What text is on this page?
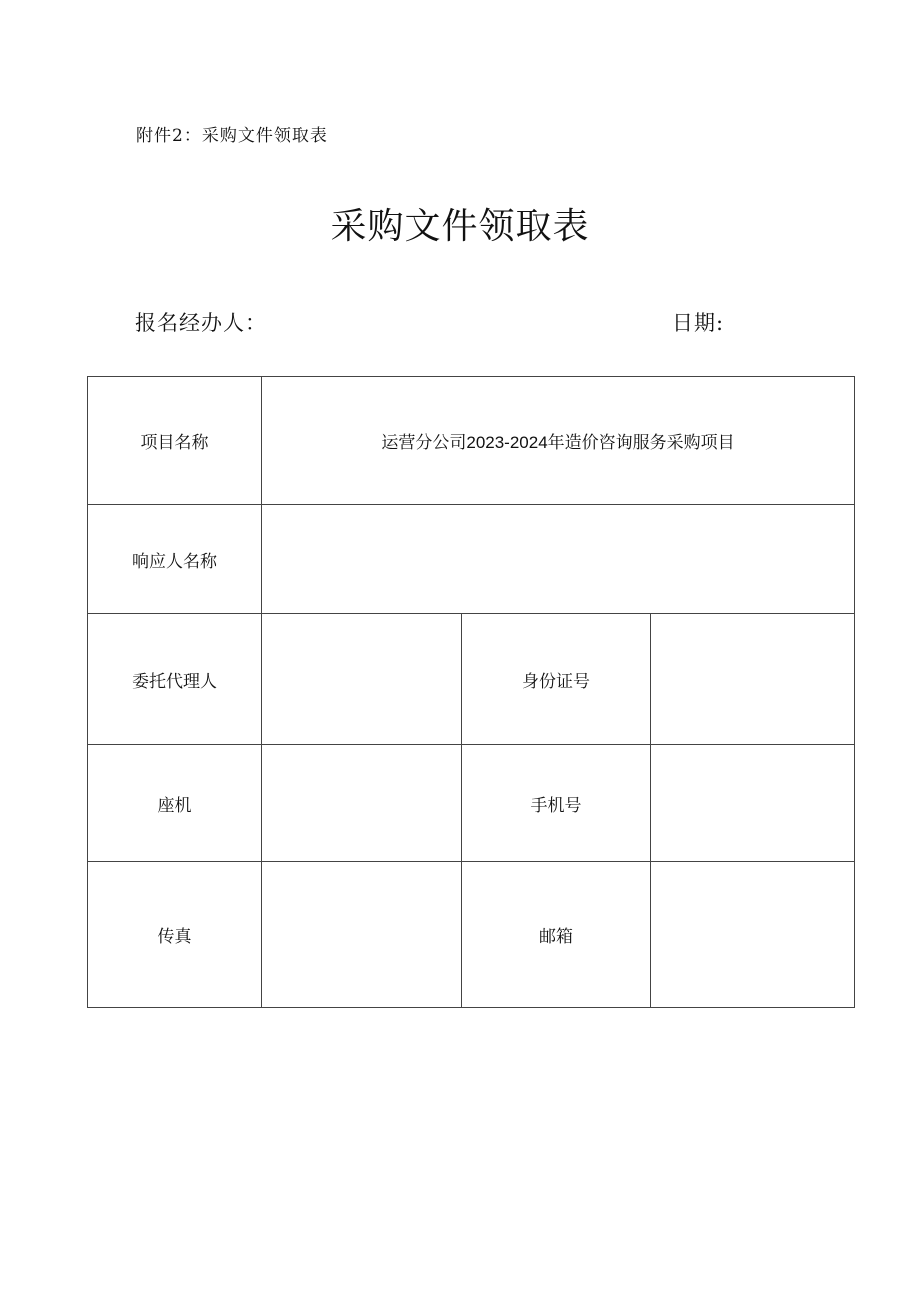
附件2：采购文件领取表
采购文件领取表
报名经办人：	日期:
项目名称	运营分公司2023-2024年造价咨询服务采购项目		
响应人名称			
委托代理人		身份证号	
座机		手机号	
传真		邮箱	
